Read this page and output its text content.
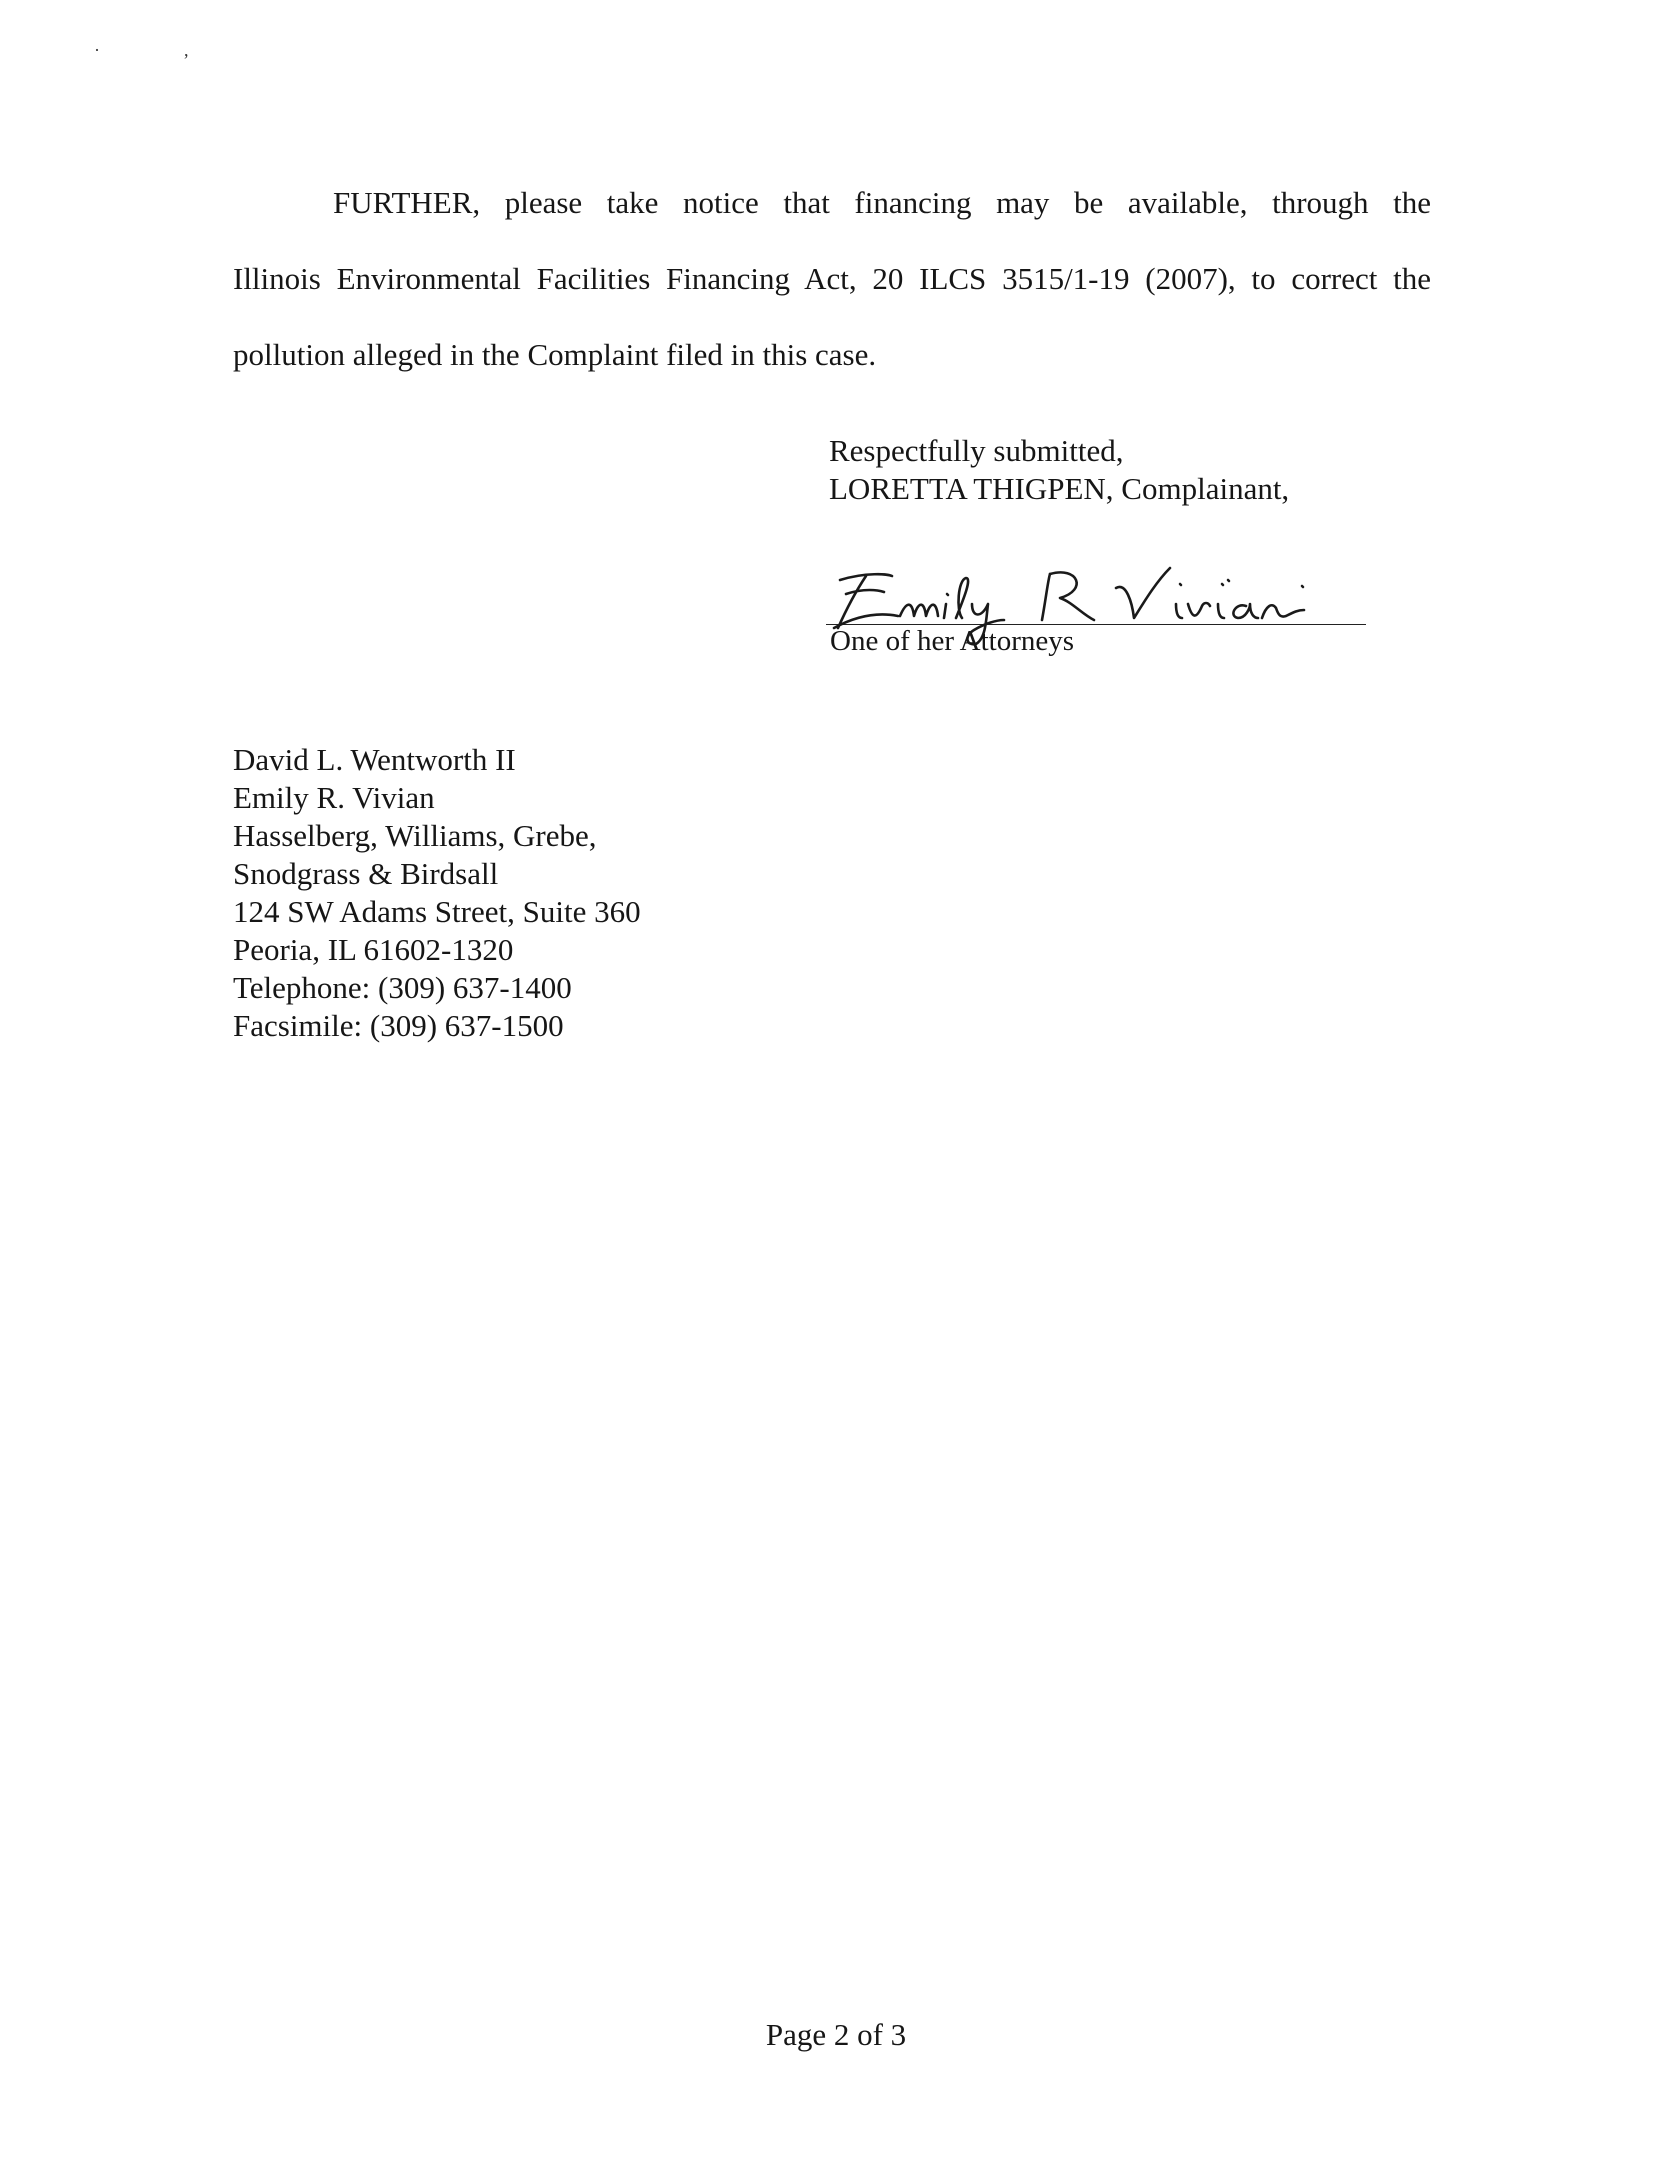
·,
FURTHER, please take notice that financing may be available, through the
Illinois Environmental Facilities Financing Act, 20 ILCS 3515/1-19 (2007), to correct the
pollution alleged in the Complaint filed in this case.
Respectfully submitted,
LORETTA THIGPEN, Complainant,
One of her Attorneys
David L. Wentworth II
Emily R. Vivian
Hasselberg, Williams, Grebe,
Snodgrass & Birdsall
124 SW Adams Street, Suite 360
Peoria, IL 61602-1320
Telephone: (309) 637-1400
Facsimile: (309) 637-1500
Page 2 of 3
